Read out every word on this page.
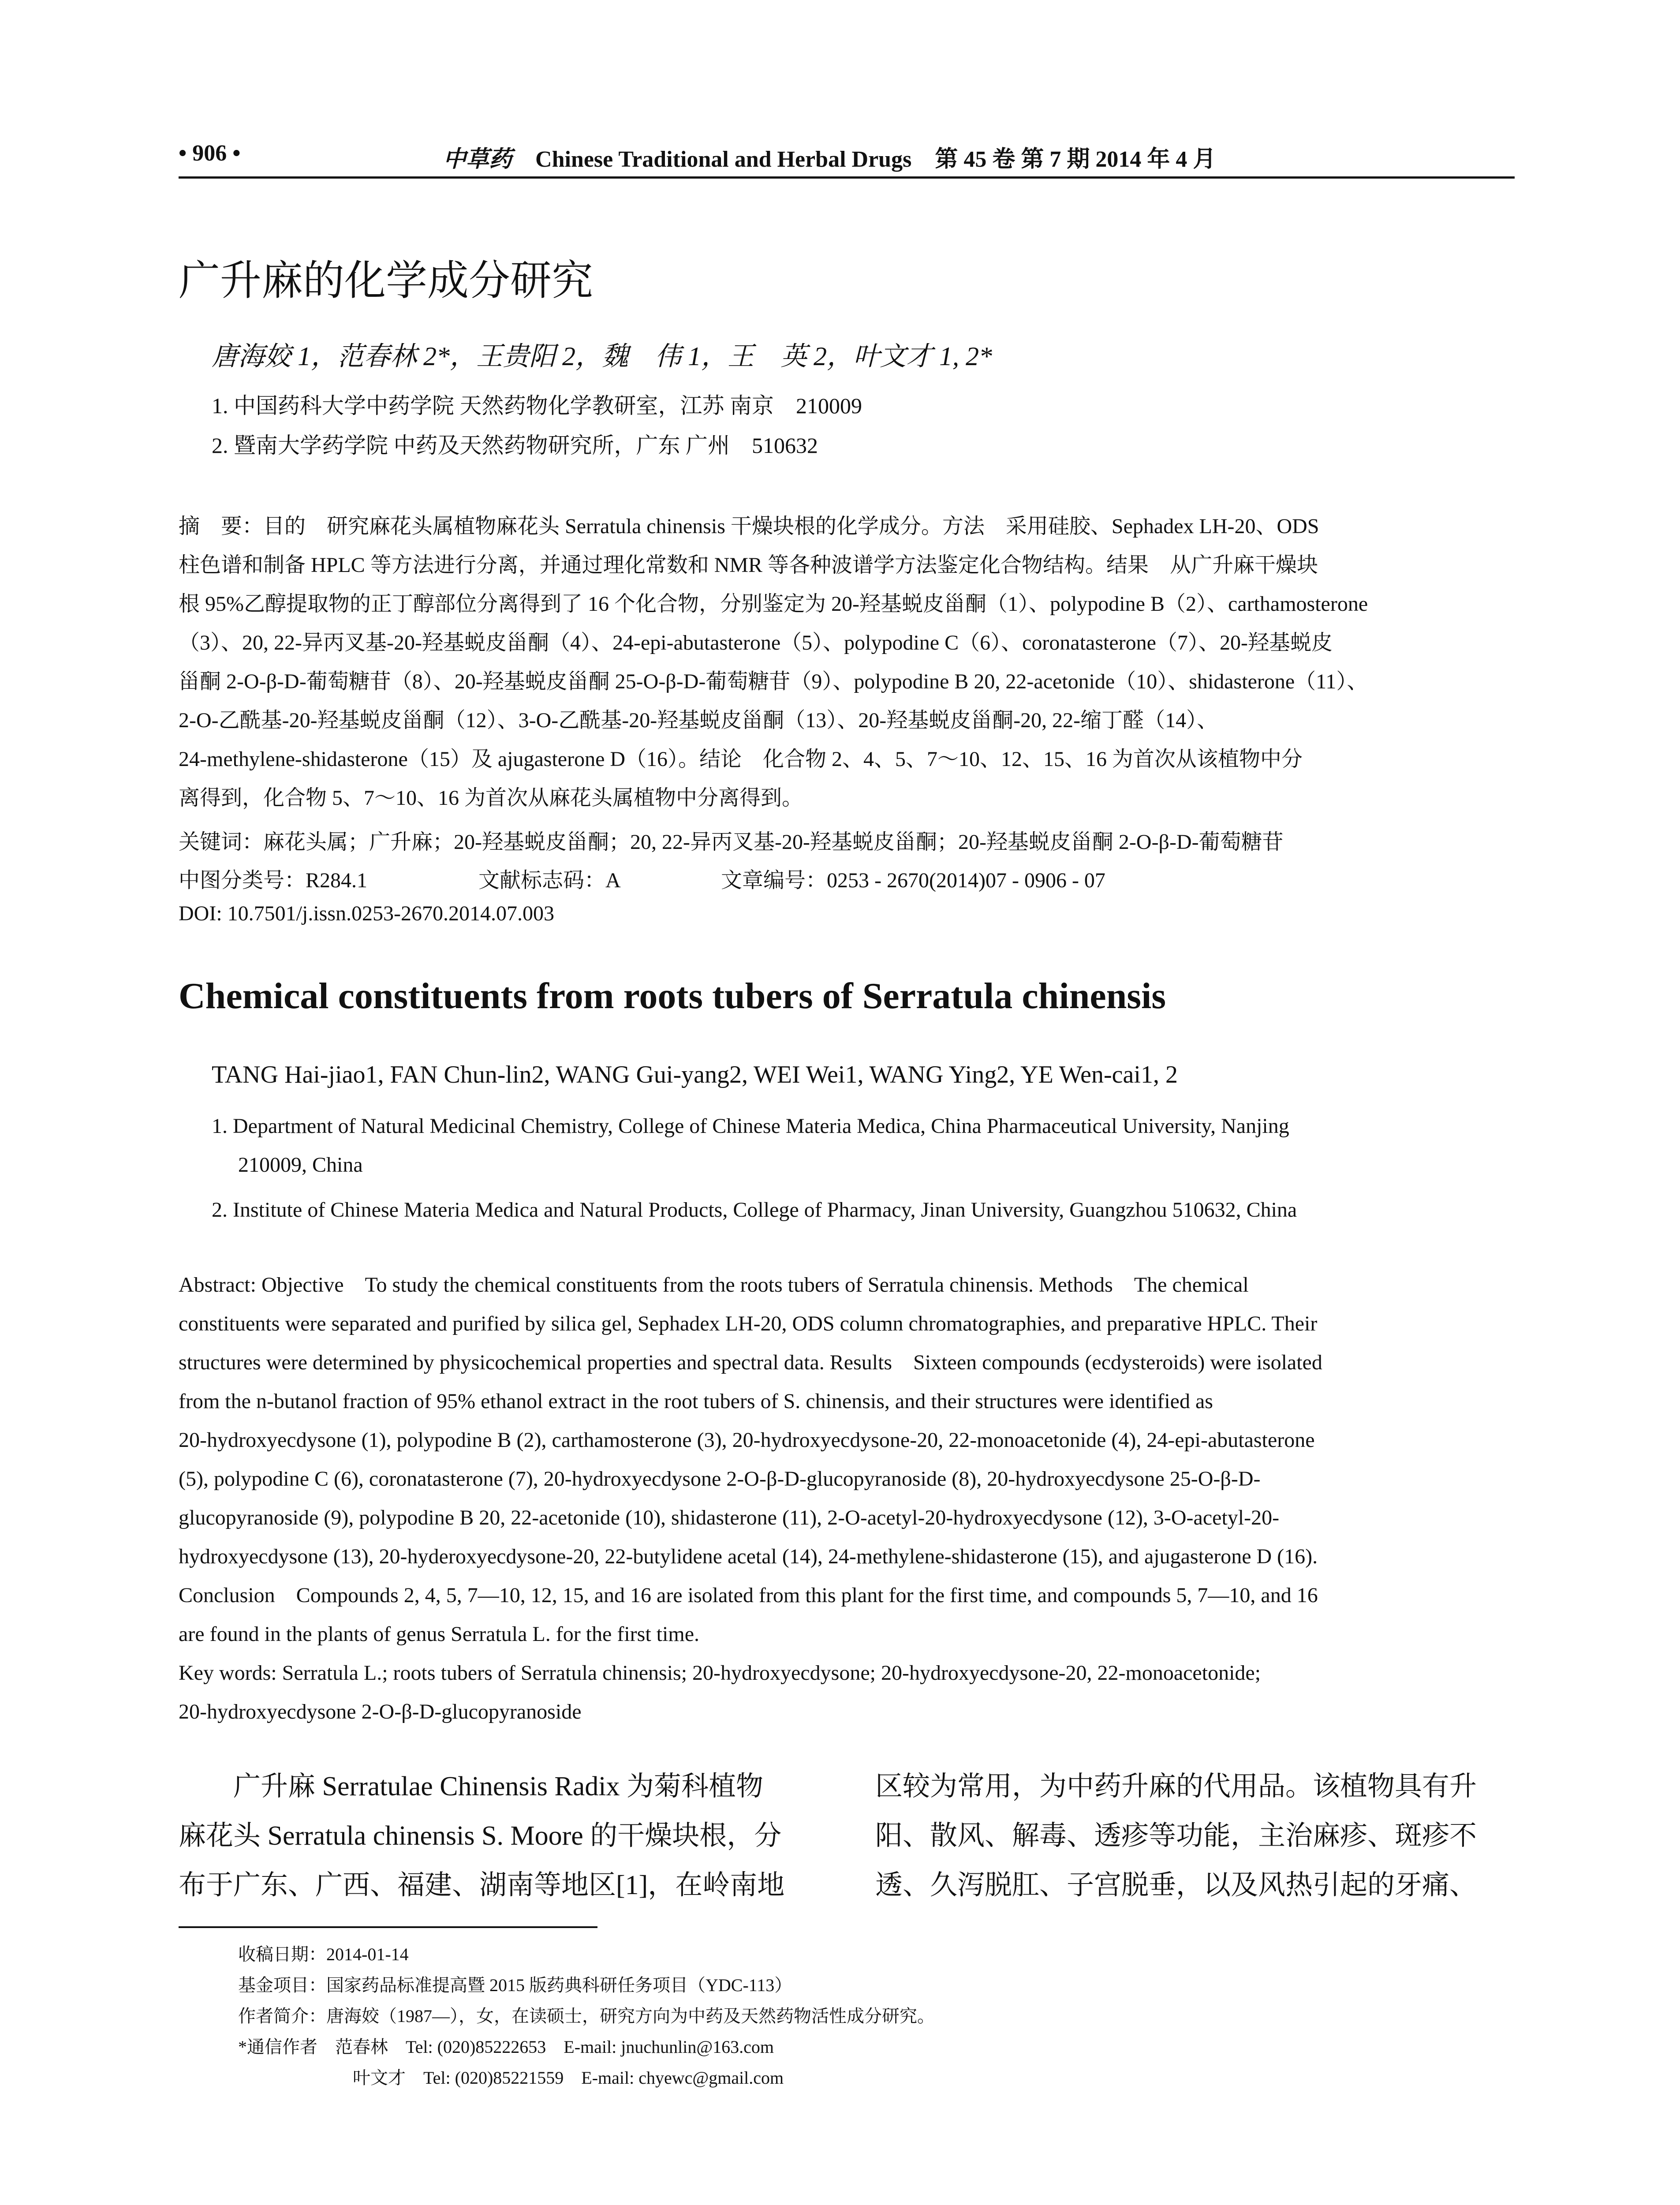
• 906 •	中草药 Chinese Traditional and Herbal Drugs 第 45 卷 第 7 期 2014 年 4 月
广升麻的化学成分研究
唐海姣 1，范春林 2*，王贵阳 2，魏　伟 1，王　英 2，叶文才 1, 2*
1. 中国药科大学中药学院 天然药物化学教研室，江苏 南京　210009
2. 暨南大学药学院 中药及天然药物研究所，广东 广州　510632
摘　要：目的　研究麻花头属植物麻花头 Serratula chinensis 干燥块根的化学成分。方法　采用硅胶、Sephadex LH-20、ODS
柱色谱和制备 HPLC 等方法进行分离，并通过理化常数和 NMR 等各种波谱学方法鉴定化合物结构。结果　从广升麻干燥块
根 95%乙醇提取物的正丁醇部位分离得到了 16 个化合物，分别鉴定为 20-羟基蜕皮甾酮（1）、polypodine B（2）、carthamosterone
（3）、20, 22-异丙叉基-20-羟基蜕皮甾酮（4）、24-epi-abutasterone（5）、polypodine C（6）、coronatasterone（7）、20-羟基蜕皮
甾酮 2-O-β-D-葡萄糖苷（8）、20-羟基蜕皮甾酮 25-O-β-D-葡萄糖苷（9）、polypodine B 20, 22-acetonide（10）、shidasterone（11）、
2-O-乙酰基-20-羟基蜕皮甾酮（12）、3-O-乙酰基-20-羟基蜕皮甾酮（13）、20-羟基蜕皮甾酮-20, 22-缩丁醛（14）、
24-methylene-shidasterone（15）及 ajugasterone D（16）。结论　化合物 2、4、5、7～10、12、15、16 为首次从该植物中分
离得到，化合物 5、7～10、16 为首次从麻花头属植物中分离得到。
关键词：麻花头属；广升麻；20-羟基蜕皮甾酮；20, 22-异丙叉基-20-羟基蜕皮甾酮；20-羟基蜕皮甾酮 2-O-β-D-葡萄糖苷
中图分类号：R284.1	文献标志码：A	文章编号：0253 - 2670(2014)07 - 0906 - 07
DOI: 10.7501/j.issn.0253-2670.2014.07.003
Chemical constituents from roots tubers of Serratula chinensis
TANG Hai-jiao1, FAN Chun-lin2, WANG Gui-yang2, WEI Wei1, WANG Ying2, YE Wen-cai1, 2
1. Department of Natural Medicinal Chemistry, College of Chinese Materia Medica, China Pharmaceutical University, Nanjing
210009, China
2. Institute of Chinese Materia Medica and Natural Products, College of Pharmacy, Jinan University, Guangzhou 510632, China
Abstract: Objective　To study the chemical constituents from the roots tubers of Serratula chinensis. Methods　The chemical
constituents were separated and purified by silica gel, Sephadex LH-20, ODS column chromatographies, and preparative HPLC. Their
structures were determined by physicochemical properties and spectral data. Results　Sixteen compounds (ecdysteroids) were isolated
from the n-butanol fraction of 95% ethanol extract in the root tubers of S. chinensis, and their structures were identified as
20-hydroxyecdysone (1), polypodine B (2), carthamosterone (3), 20-hydroxyecdysone-20, 22-monoacetonide (4), 24-epi-abutasterone
(5), polypodine C (6), coronatasterone (7), 20-hydroxyecdysone 2-O-β-D-glucopyranoside (8), 20-hydroxyecdysone 25-O-β-D-
glucopyranoside (9), polypodine B 20, 22-acetonide (10), shidasterone (11), 2-O-acetyl-20-hydroxyecdysone (12), 3-O-acetyl-20-
hydroxyecdysone (13), 20-hyderoxyecdysone-20, 22-butylidene acetal (14), 24-methylene-shidasterone (15), and ajugasterone D (16).
Conclusion　Compounds 2, 4, 5, 7—10, 12, 15, and 16 are isolated from this plant for the first time, and compounds 5, 7—10, and 16
are found in the plants of genus Serratula L. for the first time.
Key words: Serratula L.; roots tubers of Serratula chinensis; 20-hydroxyecdysone; 20-hydroxyecdysone-20, 22-monoacetonide;
20-hydroxyecdysone 2-O-β-D-glucopyranoside
　　广升麻 Serratulae Chinensis Radix 为菊科植物
麻花头 Serratula chinensis S. Moore 的干燥块根，分
布于广东、广西、福建、湖南等地区[1]，在岭南地
区较为常用，为中药升麻的代用品。该植物具有升
阳、散风、解毒、透疹等功能，主治麻疹、斑疹不
透、久泻脱肛、子宫脱垂，以及风热引起的牙痛、
收稿日期：2014-01-14
基金项目：国家药品标准提高暨 2015 版药典科研任务项目（YDC-113）
作者简介：唐海姣（1987—），女，在读硕士，研究方向为中药及天然药物活性成分研究。
*通信作者　范春林　Tel: (020)85222653　E-mail: jnuchunlin@163.com
叶文才　Tel: (020)85221559　E-mail: chyewc@gmail.com
